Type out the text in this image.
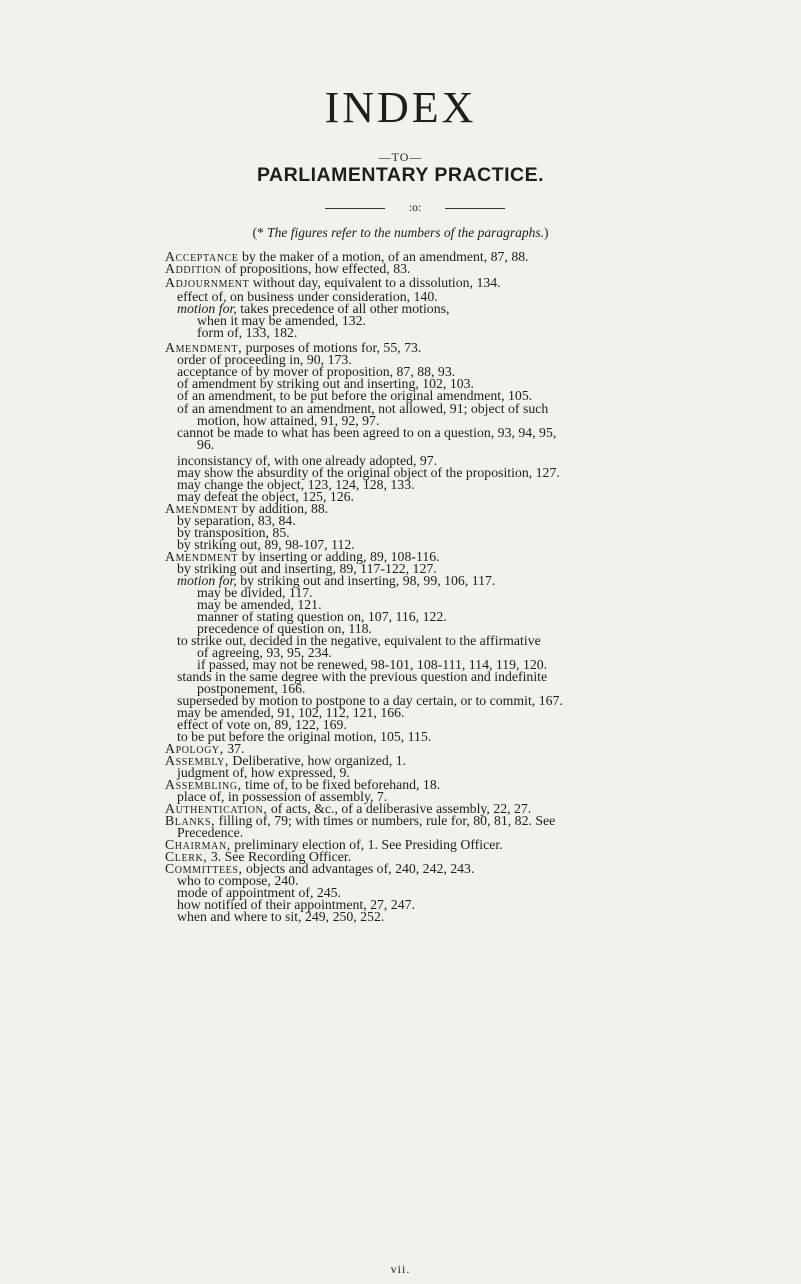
INDEX
—TO—
PARLIAMENTARY PRACTICE.
:o:
(* The figures refer to the numbers of the paragraphs.)
Acceptance by the maker of a motion, of an amendment, 87, 88.
Addition of propositions, how effected, 83.
Adjournment without day, equivalent to a dissolution, 134.
effect of, on business under consideration, 140.
motion for, takes precedence of all other motions,
when it may be amended, 132.
form of, 133, 182.
Amendment, purposes of motions for, 55, 73.
order of proceeding in, 90, 173.
acceptance of by mover of proposition, 87, 88, 93.
of amendment by striking out and inserting, 102, 103.
of an amendment, to be put before the original amendment, 105.
of an amendment to an amendment, not allowed, 91; object of such
motion, how attained, 91, 92, 97.
cannot be made to what has been agreed to on a question, 93, 94, 95,
96.
inconsistancy of, with one already adopted, 97.
may show the absurdity of the original object of the proposition, 127.
may change the object, 123, 124, 128, 133.
may defeat the object, 125, 126.
Amendment by addition, 88.
by separation, 83, 84.
by transposition, 85.
by striking out, 89, 98-107, 112.
Amendment by inserting or adding, 89, 108-116.
by striking out and inserting, 89, 117-122, 127.
motion for, by striking out and inserting, 98, 99, 106, 117.
may be divided, 117.
may be amended, 121.
manner of stating question on, 107, 116, 122.
precedence of question on, 118.
to strike out, decided in the negative, equivalent to the affirmative
of agreeing, 93, 95, 234.
if passed, may not be renewed, 98-101, 108-111, 114, 119, 120.
stands in the same degree with the previous question and indefinite
postponement, 166.
superseded by motion to postpone to a day certain, or to commit, 167.
may be amended, 91, 102, 112, 121, 166.
effect of vote on, 89, 122, 169.
to be put before the original motion, 105, 115.
Apology, 37.
Assembly, Deliberative, how organized, 1.
judgment of, how expressed, 9.
Assembling, time of, to be fixed beforehand, 18.
place of, in possession of assembly, 7.
Authentication, of acts, &c., of a deliberasive assembly, 22, 27.
Blanks, filling of, 79; with times or numbers, rule for, 80, 81, 82. See
Precedence.
Chairman, preliminary election of, 1. See Presiding Officer.
Clerk, 3. See Recording Officer.
Committees, objects and advantages of, 240, 242, 243.
who to compose, 240.
mode of appointment of, 245.
how notified of their appointment, 27, 247.
when and where to sit, 249, 250, 252.
vii.
